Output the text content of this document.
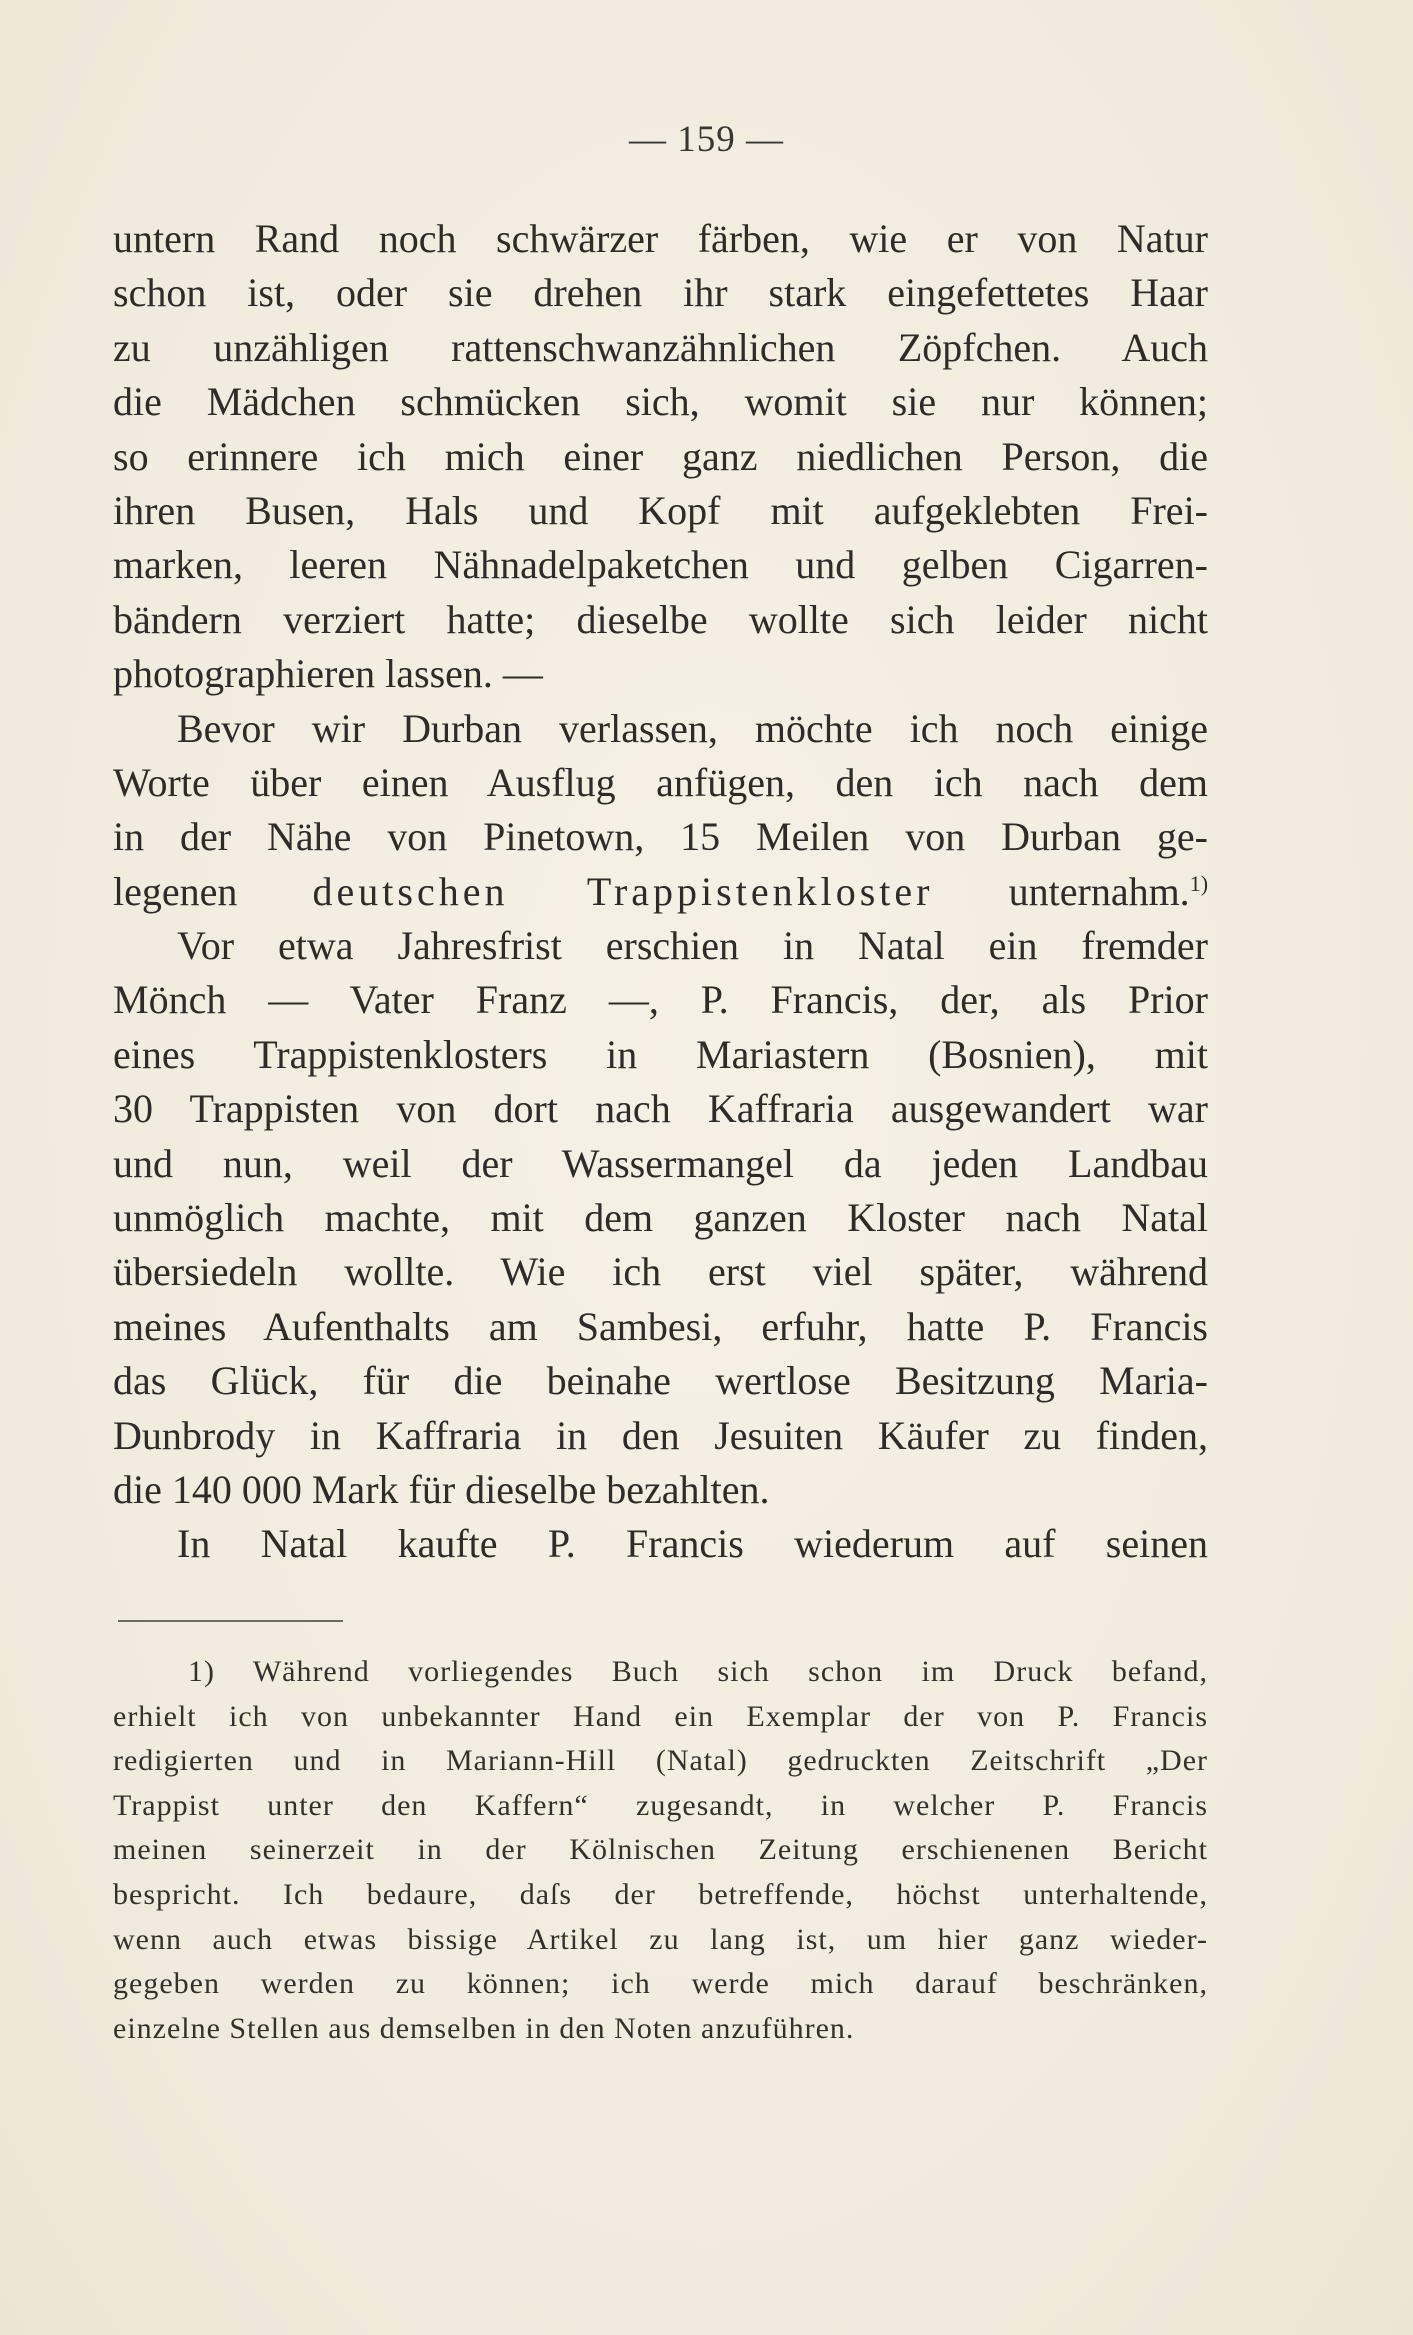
— 159 —
untern Rand noch schwärzer färben, wie er von Natur
schon ist, oder sie drehen ihr stark eingefettetes Haar
zu unzähligen rattenschwanzähnlichen Zöpfchen. Auch
die Mädchen schmücken sich, womit sie nur können;
so erinnere ich mich einer ganz niedlichen Person, die
ihren Busen, Hals und Kopf mit aufgeklebten Frei-
marken, leeren Nähnadelpaketchen und gelben Cigarren-
bändern verziert hatte; dieselbe wollte sich leider nicht
photographieren lassen. —
Bevor wir Durban verlassen, möchte ich noch einige
Worte über einen Ausflug anfügen, den ich nach dem
in der Nähe von Pinetown, 15 Meilen von Durban ge-
legenen deutschen Trappistenkloster unternahm.$^{1)}$
Vor etwa Jahresfrist erschien in Natal ein fremder
Mönch — Vater Franz —, P. Francis, der, als Prior
eines Trappistenklosters in Mariastern (Bosnien), mit
30 Trappisten von dort nach Kaffraria ausgewandert war
und nun, weil der Wassermangel da jeden Landbau
unmöglich machte, mit dem ganzen Kloster nach Natal
übersiedeln wollte. Wie ich erst viel später, während
meines Aufenthalts am Sambesi, erfuhr, hatte P. Francis
das Glück, für die beinahe wertlose Besitzung Maria-
Dunbrody in Kaffraria in den Jesuiten Käufer zu finden,
die 140 000 Mark für dieselbe bezahlten.
In Natal kaufte P. Francis wiederum auf seinen
1) Während vorliegendes Buch sich schon im Druck befand,
erhielt ich von unbekannter Hand ein Exemplar der von P. Francis
redigierten und in Mariann-Hill (Natal) gedruckten Zeitschrift „Der
Trappist unter den Kaffern“ zugesandt, in welcher P. Francis
meinen seinerzeit in der Kölnischen Zeitung erschienenen Bericht
bespricht. Ich bedaure, daſs der betreffende, höchst unterhaltende,
wenn auch etwas bissige Artikel zu lang ist, um hier ganz wieder-
gegeben werden zu können; ich werde mich darauf beschränken,
einzelne Stellen aus demselben in den Noten anzuführen.
